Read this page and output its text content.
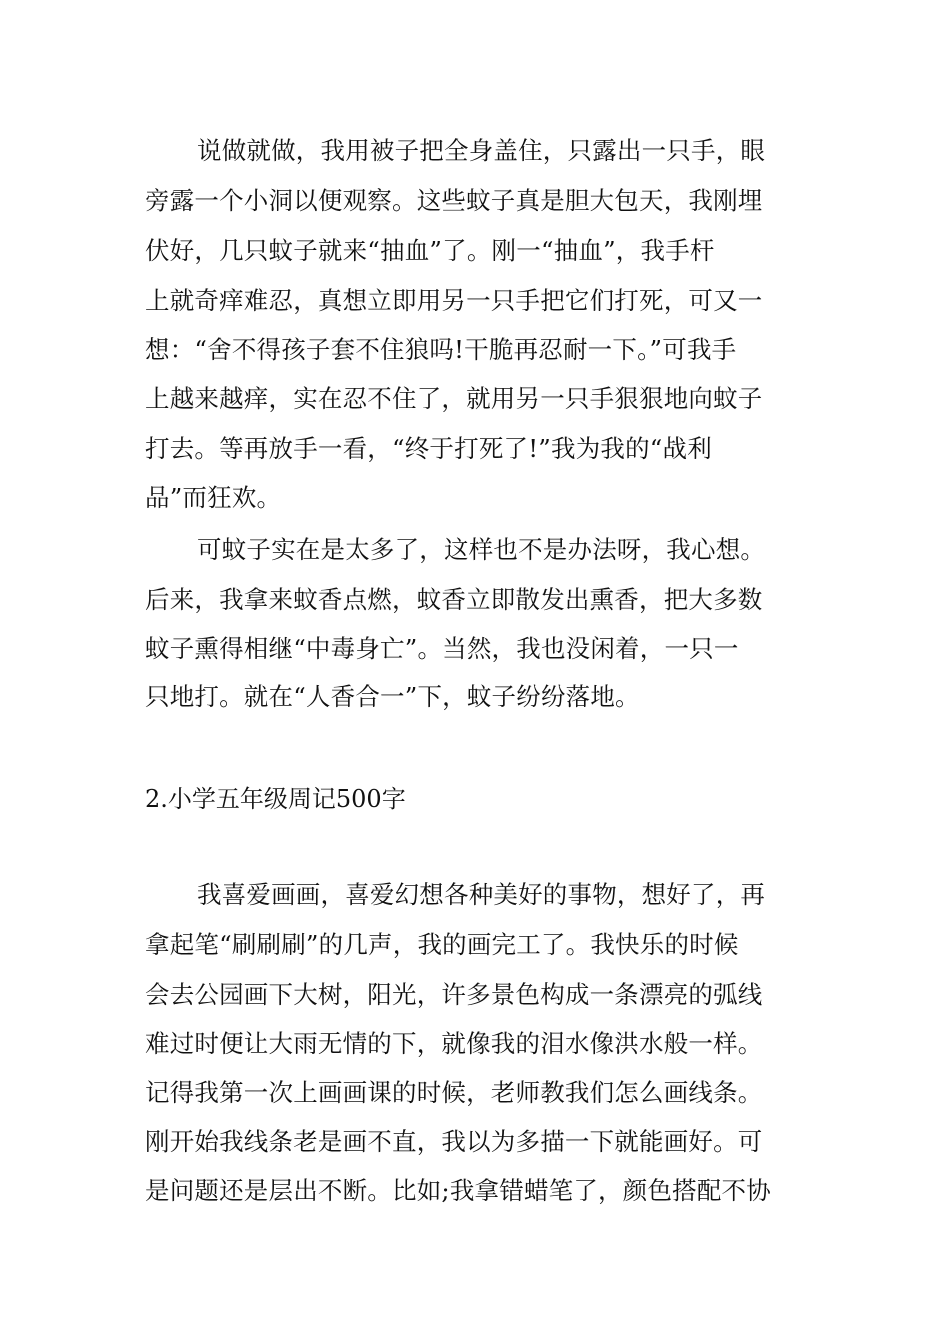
说做就做，我用被子把全身盖住，只露出一只手，眼
旁露一个小洞以便观察。这些蚊子真是胆大包天，我刚埋
伏好，几只蚊子就来“抽血”了。刚一“抽血”，我手杆
上就奇痒难忍，真想立即用另一只手把它们打死，可又一
想：“舍不得孩子套不住狼吗!干脆再忍耐一下。”可我手
上越来越痒，实在忍不住了，就用另一只手狠狠地向蚊子
打去。等再放手一看，“终于打死了!”我为我的“战利
品”而狂欢。
可蚊子实在是太多了，这样也不是办法呀，我心想。
后来，我拿来蚊香点燃，蚊香立即散发出熏香，把大多数
蚊子熏得相继“中毒身亡”。当然，我也没闲着，一只一
只地打。就在“人香合一”下，蚊子纷纷落地。
2.小学五年级周记500字
我喜爱画画，喜爱幻想各种美好的事物，想好了，再
拿起笔“刷刷刷”的几声，我的画完工了。我快乐的时候
会去公园画下大树，阳光，许多景色构成一条漂亮的弧线
难过时便让大雨无情的下，就像我的泪水像洪水般一样。
记得我第一次上画画课的时候，老师教我们怎么画线条。
刚开始我线条老是画不直，我以为多描一下就能画好。可
是问题还是层出不断。比如;我拿错蜡笔了，颜色搭配不协
